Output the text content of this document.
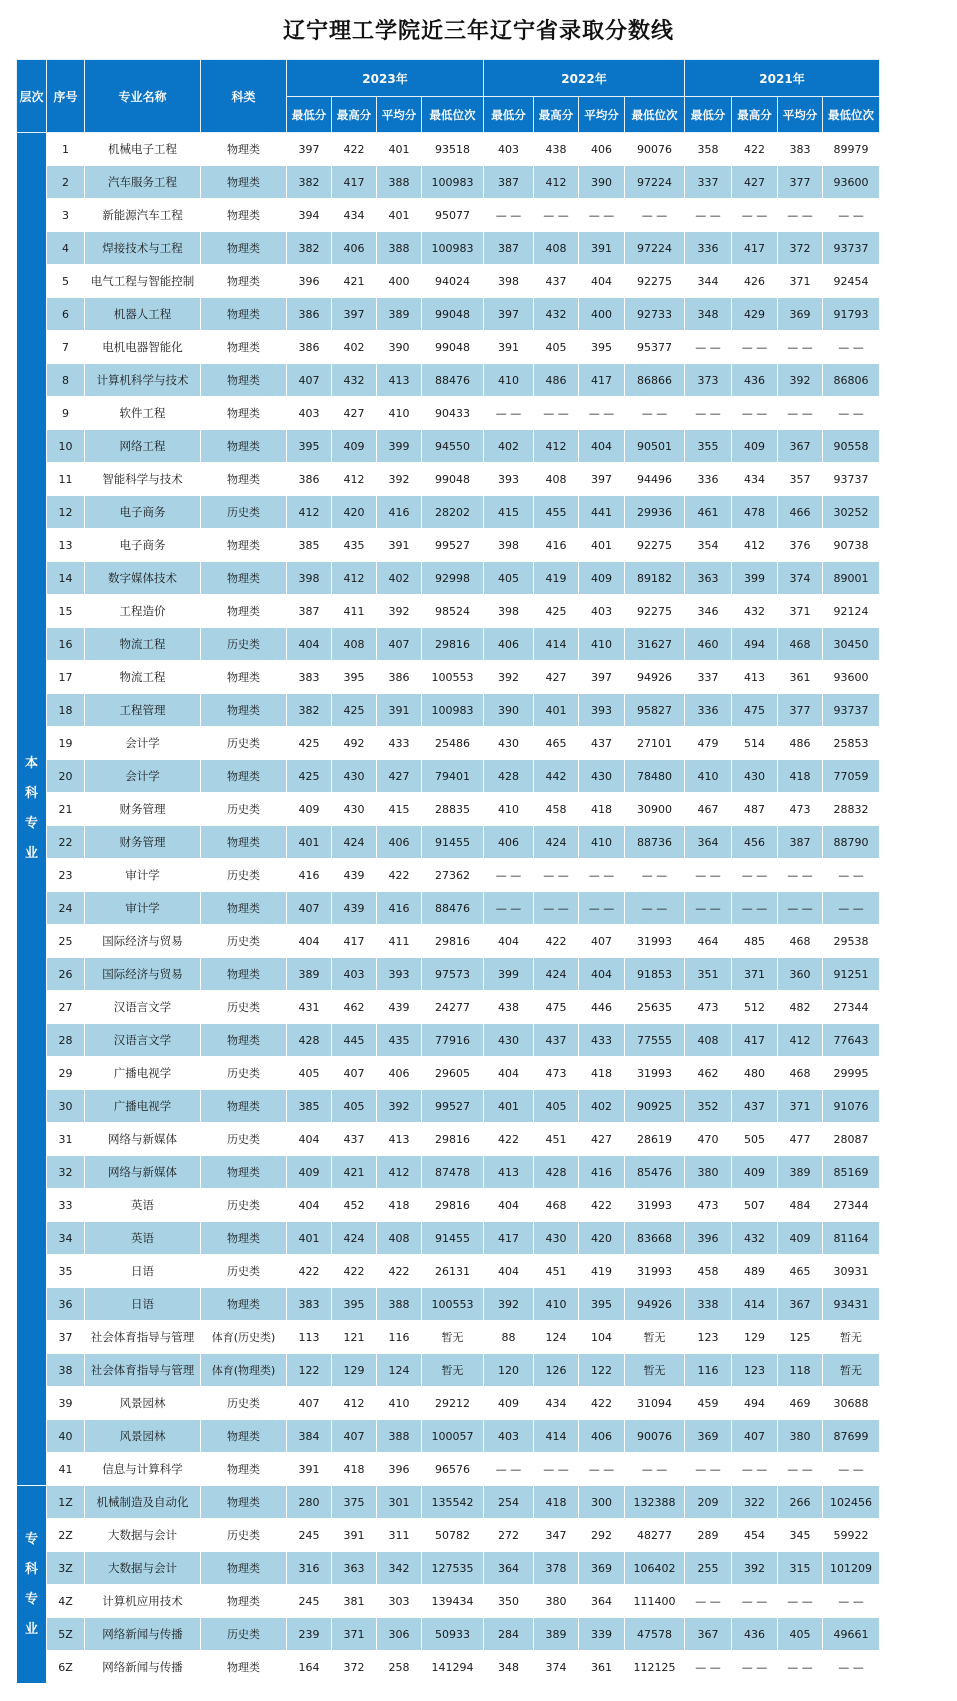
辽宁理工学院近三年辽宁省录取分数线
层次	序号	专业名称	科类	2023年				2022年				2021年			
				最低分	最高分	平均分	最低位次	最低分	最高分	平均分	最低位次	最低分	最高分	平均分	最低位次
本
科
专
业	1	机械电子工程	物理类	397	422	401	93518	403	438	406	90076	358	422	383	89979
	2	汽车服务工程	物理类	382	417	388	100983	387	412	390	97224	337	427	377	93600
	3	新能源汽车工程	物理类	394	434	401	95077	— —	— —	— —	— —	— —	— —	— —	— —
	4	焊接技术与工程	物理类	382	406	388	100983	387	408	391	97224	336	417	372	93737
	5	电气工程与智能控制	物理类	396	421	400	94024	398	437	404	92275	344	426	371	92454
	6	机器人工程	物理类	386	397	389	99048	397	432	400	92733	348	429	369	91793
	7	电机电器智能化	物理类	386	402	390	99048	391	405	395	95377	— —	— —	— —	— —
	8	计算机科学与技术	物理类	407	432	413	88476	410	486	417	86866	373	436	392	86806
	9	软件工程	物理类	403	427	410	90433	— —	— —	— —	— —	— —	— —	— —	— —
	10	网络工程	物理类	395	409	399	94550	402	412	404	90501	355	409	367	90558
	11	智能科学与技术	物理类	386	412	392	99048	393	408	397	94496	336	434	357	93737
	12	电子商务	历史类	412	420	416	28202	415	455	441	29936	461	478	466	30252
	13	电子商务	物理类	385	435	391	99527	398	416	401	92275	354	412	376	90738
	14	数字媒体技术	物理类	398	412	402	92998	405	419	409	89182	363	399	374	89001
	15	工程造价	物理类	387	411	392	98524	398	425	403	92275	346	432	371	92124
	16	物流工程	历史类	404	408	407	29816	406	414	410	31627	460	494	468	30450
	17	物流工程	物理类	383	395	386	100553	392	427	397	94926	337	413	361	93600
	18	工程管理	物理类	382	425	391	100983	390	401	393	95827	336	475	377	93737
	19	会计学	历史类	425	492	433	25486	430	465	437	27101	479	514	486	25853
	20	会计学	物理类	425	430	427	79401	428	442	430	78480	410	430	418	77059
	21	财务管理	历史类	409	430	415	28835	410	458	418	30900	467	487	473	28832
	22	财务管理	物理类	401	424	406	91455	406	424	410	88736	364	456	387	88790
	23	审计学	历史类	416	439	422	27362	— —	— —	— —	— —	— —	— —	— —	— —
	24	审计学	物理类	407	439	416	88476	— —	— —	— —	— —	— —	— —	— —	— —
	25	国际经济与贸易	历史类	404	417	411	29816	404	422	407	31993	464	485	468	29538
	26	国际经济与贸易	物理类	389	403	393	97573	399	424	404	91853	351	371	360	91251
	27	汉语言文学	历史类	431	462	439	24277	438	475	446	25635	473	512	482	27344
	28	汉语言文学	物理类	428	445	435	77916	430	437	433	77555	408	417	412	77643
	29	广播电视学	历史类	405	407	406	29605	404	473	418	31993	462	480	468	29995
	30	广播电视学	物理类	385	405	392	99527	401	405	402	90925	352	437	371	91076
	31	网络与新媒体	历史类	404	437	413	29816	422	451	427	28619	470	505	477	28087
	32	网络与新媒体	物理类	409	421	412	87478	413	428	416	85476	380	409	389	85169
	33	英语	历史类	404	452	418	29816	404	468	422	31993	473	507	484	27344
	34	英语	物理类	401	424	408	91455	417	430	420	83668	396	432	409	81164
	35	日语	历史类	422	422	422	26131	404	451	419	31993	458	489	465	30931
	36	日语	物理类	383	395	388	100553	392	410	395	94926	338	414	367	93431
	37	社会体育指导与管理	体育(历史类)	113	121	116	暂无	88	124	104	暂无	123	129	125	暂无
	38	社会体育指导与管理	体育(物理类)	122	129	124	暂无	120	126	122	暂无	116	123	118	暂无
	39	风景园林	历史类	407	412	410	29212	409	434	422	31094	459	494	469	30688
	40	风景园林	物理类	384	407	388	100057	403	414	406	90076	369	407	380	87699
	41	信息与计算科学	物理类	391	418	396	96576	— —	— —	— —	— —	— —	— —	— —	— —
专
科
专
业	1Z	机械制造及自动化	物理类	280	375	301	135542	254	418	300	132388	209	322	266	102456
	2Z	大数据与会计	历史类	245	391	311	50782	272	347	292	48277	289	454	345	59922
	3Z	大数据与会计	物理类	316	363	342	127535	364	378	369	106402	255	392	315	101209
	4Z	计算机应用技术	物理类	245	381	303	139434	350	380	364	111400	— —	— —	— —	— —
	5Z	网络新闻与传播	历史类	239	371	306	50933	284	389	339	47578	367	436	405	49661
	6Z	网络新闻与传播	物理类	164	372	258	141294	348	374	361	112125	— —	— —	— —	— —
